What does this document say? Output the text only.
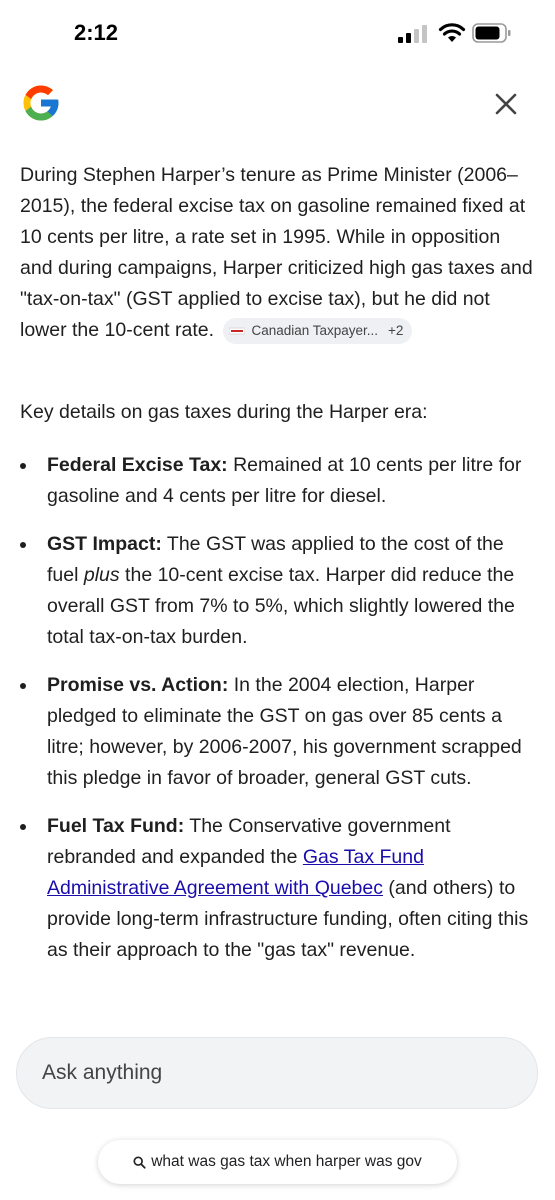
2:12
During Stephen Harper’s tenure as Prime Minister (2006–2015), the federal excise tax on gasoline remained fixed at 10 cents per litre, a rate set in 1995. While in opposition and during campaigns, Harper criticized high gas taxes and "tax-on-tax" (GST applied to excise tax), but he did not lower the 10-cent rate.	Canadian Taxpayer... +2
Key details on gas taxes during the Harper era:
Federal Excise Tax: Remained at 10 cents per litre for gasoline and 4 cents per litre for diesel.
GST Impact: The GST was applied to the cost of the fuel plus the 10-cent excise tax. Harper did reduce the overall GST from 7% to 5%, which slightly lowered the total tax-on-tax burden.
Promise vs. Action: In the 2004 election, Harper pledged to eliminate the GST on gas over 85 cents a litre; however, by 2006-2007, his government scrapped this pledge in favor of broader, general GST cuts.
Fuel Tax Fund: The Conservative government rebranded and expanded the Gas Tax Fund Administrative Agreement with Quebec (and others) to provide long-term infrastructure funding, often citing this as their approach to the "gas tax" revenue.
Ask anything
what was gas tax when harper was gov
